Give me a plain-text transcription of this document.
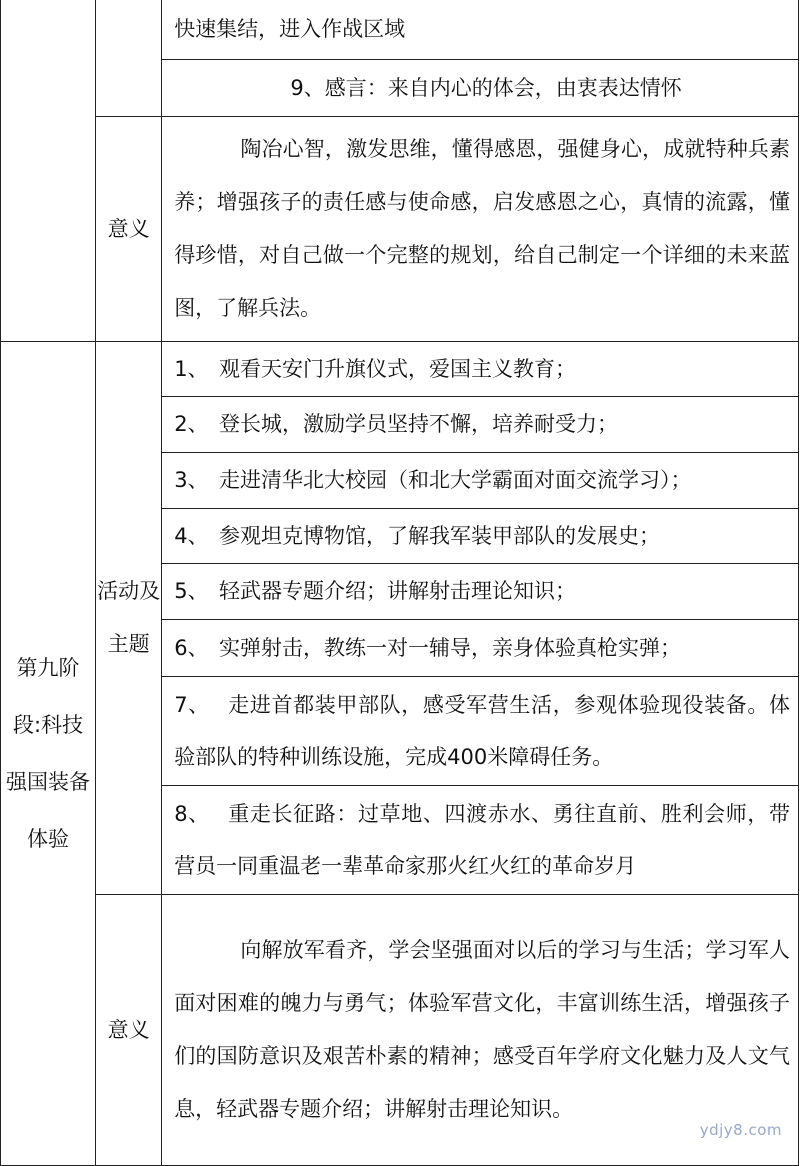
		快速集结，进入作战区域
		9、感言：来自内心的体会，由衷表达情怀
	意义	陶冶心智，激发思维，懂得感恩，强健身心，成就特种兵素养；增强孩子的责任感与使命感，启发感恩之心，真情的流露，懂得珍惜，对自己做一个完整的规划，给自己制定一个详细的未来蓝图，了解兵法。
第九阶段:科技强国装备体验	活动及主题	1、　观看天安门升旗仪式，爱国主义教育；
		2、　登长城，激励学员坚持不懈，培养耐受力；
		3、　走进清华北大校园（和北大学霸面对面交流学习）；
		4、　参观坦克博物馆，了解我军装甲部队的发展史；
		5、　轻武器专题介绍；讲解射击理论知识；
		6、　实弹射击，教练一对一辅导，亲身体验真枪实弹；
		7、　 走进首都装甲部队，感受军营生活，参观体验现役装备。体验部队的特种训练设施，完成400米障碍任务。
		8、　 重走长征路：过草地、四渡赤水、勇往直前、胜利会师，带营员一同重温老一辈革命家那火红火红的革命岁月
	意义	向解放军看齐，学会坚强面对以后的学习与生活；学习军人面对困难的魄力与勇气；体验军营文化，丰富训练生活，增强孩子们的国防意识及艰苦朴素的精神；感受百年学府文化魅力及人文气息，轻武器专题介绍；讲解射击理论知识。
ydjy8.com
